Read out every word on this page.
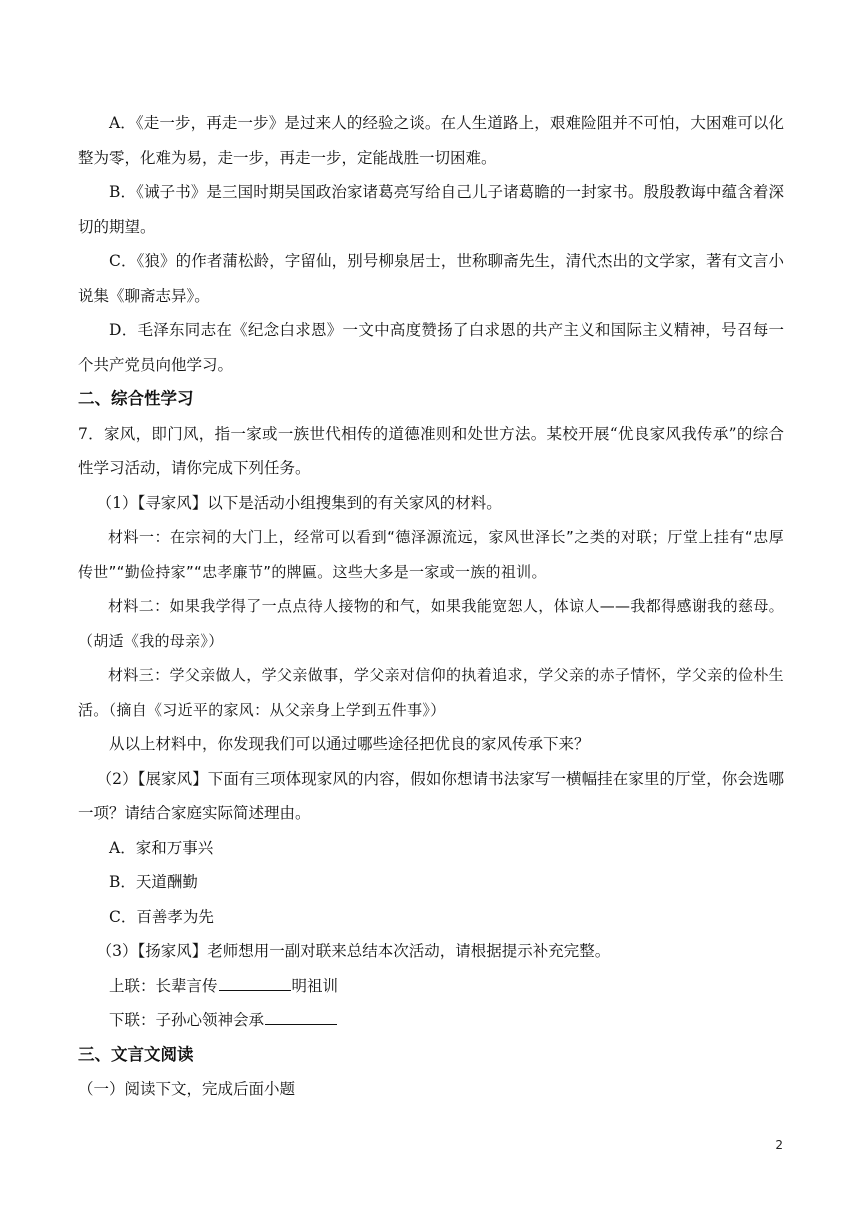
A．《走一步，再走一步》是过来人的经验之谈。在人生道路上，艰难险阻并不可怕，大困难可以化整为零，化难为易，走一步，再走一步，定能战胜一切困难。

B．《诫子书》是三国时期吴国政治家诸葛亮写给自己儿子诸葛瞻的一封家书。殷殷教诲中蕴含着深切的期望。

C．《狼》的作者蒲松龄，字留仙，别号柳泉居士，世称聊斋先生，清代杰出的文学家，著有文言小说集《聊斋志异》。

D．毛泽东同志在《纪念白求恩》一文中高度赞扬了白求恩的共产主义和国际主义精神，号召每一个共产党员向他学习。

二、综合性学习

7．家风，即门风，指一家或一族世代相传的道德准则和处世方法。某校开展“优良家风我传承”的综合性学习活动，请你完成下列任务。

（1）【寻家风】以下是活动小组搜集到的有关家风的材料。

材料一：在宗祠的大门上，经常可以看到“德泽源流远，家风世泽长”之类的对联；厅堂上挂有“忠厚传世”“勤俭持家”“忠孝廉节”的牌匾。这些大多是一家或一族的祖训。

材料二：如果我学得了一点点待人接物的和气，如果我能宽恕人，体谅人——我都得感谢我的慈母。（胡适《我的母亲》）

材料三：学父亲做人，学父亲做事，学父亲对信仰的执着追求，学父亲的赤子情怀，学父亲的俭朴生活。（摘自《习近平的家风：从父亲身上学到五件事》）

从以上材料中，你发现我们可以通过哪些途径把优良的家风传承下来？

（2）【展家风】下面有三项体现家风的内容，假如你想请书法家写一横幅挂在家里的厅堂，你会选哪一项？请结合家庭实际简述理由。

A．家和万事兴

B．天道酬勤

C．百善孝为先

（3）【扬家风】老师想用一副对联来总结本次活动，请根据提示补充完整。

上联：长辈言传	明祖训

下联：子孙心领神会承

三、文言文阅读

（一）阅读下文，完成后面小题

2
